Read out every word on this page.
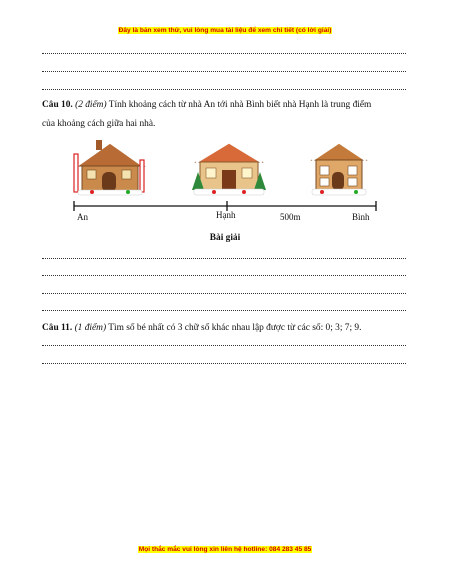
Đây là bản xem thử, vui lòng mua tài liệu để xem chi tiết (có lời giải)
Câu 10. (2 điểm) Tính khoảng cách từ nhà An tới nhà Bình biết nhà Hạnh là trung điểm
của khoảng cách giữa hai nhà.
An	Hạnh	500m	Bình
Bài giải
Câu 11. (1 điểm) Tìm số bé nhất có 3 chữ số khác nhau lập được từ các số: 0; 3; 7; 9.
Mọi thắc mắc vui lòng xin liên hệ hotline: 084 283 45 85
